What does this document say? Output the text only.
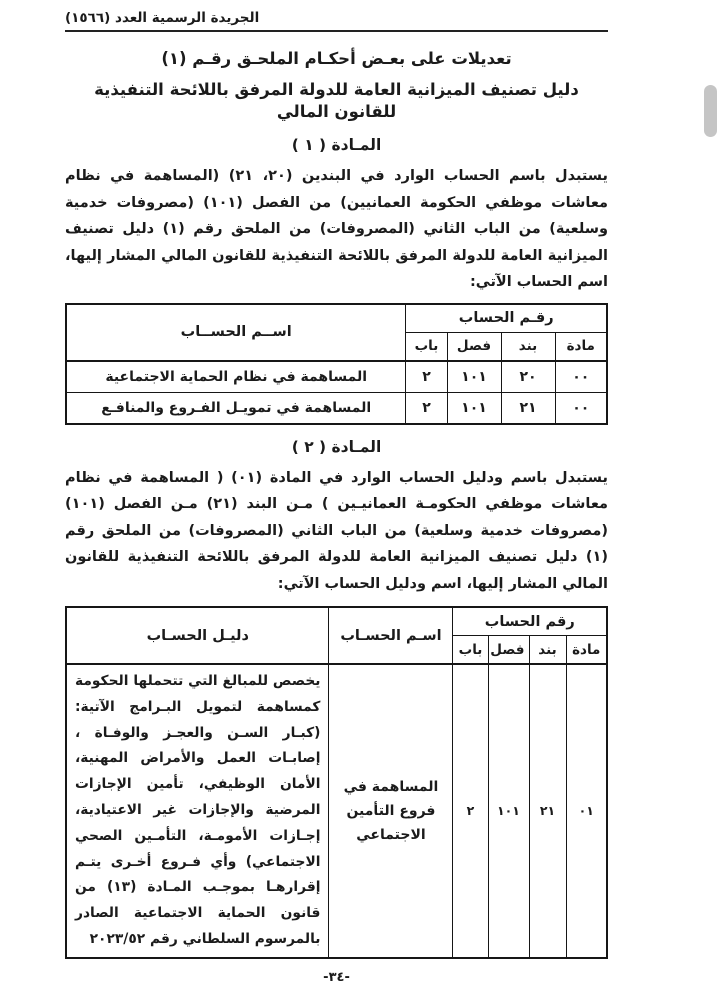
الجريدة الرسمية العدد (١٥٦٦)
تعديلات على بعـض أحكـام الملحـق رقـم (١)
دليل تصنيف الميزانية العامة للدولة المرفق باللائحة التنفيذية للقانون المالي
المـادة ( ١ )

يستبدل باسم الحساب الوارد في البندين (٢٠، ٢١) (المساهمة في نظام معاشات موظفي الحكومة العمانيين) من الفصل (١٠١) (مصروفات خدمية وسلعية) من الباب الثاني (المصروفات) من الملحق رقم (١) دليل تصنيف الميزانية العامة للدولة المرفق باللائحة التنفيذية للقانون المالي المشار إليها، اسم الحساب الآتي:

رقـم الحساب				اســم الحســاب
مادة	بند	فصل	باب	
٠٠	٢٠	١٠١	٢	المساهمة في نظام الحماية الاجتماعية
٠٠	٢١	١٠١	٢	المساهمة في تمويـل الفـروع والمنافـع
المـادة ( ٢ )

يستبدل باسم ودليل الحساب الوارد في المادة (٠١) ( المساهمة في نظام معاشات موظفي الحكومـة العمانيـين ) مـن البند (٢١) مـن الفصل (١٠١) (مصروفات خدمية وسلعية) من الباب الثاني (المصروفات) من الملحق رقم (١) دليل تصنيف الميزانية العامة للدولة المرفق باللائحة التنفيذية للقانون المالي المشار إليها، اسم ودليل الحساب الآتي:

رقم الحساب				اسـم الحسـاب	دليـل الحسـاب
مادة	بند	فصل	باب		
٠١	٢١	١٠١	٢	المساهمة في فروع التأمين الاجتماعي	يخصص للمبالغ التي تتحملها الحكومة كمساهمة لتمويل البـرامج الآتية: (كبـار السـن والعجـز والوفـاة ، إصابـات العمل والأمراض المهنية، الأمان الوظيفي، تأمين الإجازات المرضية والإجازات غير الاعتيادية، إجـازات الأمومـة، التأمـين الصحي الاجتماعي) وأي فـروع أخـرى يتـم إقرارهـا بموجـب المـادة (١٣) من قانون الحماية الاجتماعية الصادر بالمرسوم السلطاني رقم ٢٠٢٣/٥٢
-٣٤-
